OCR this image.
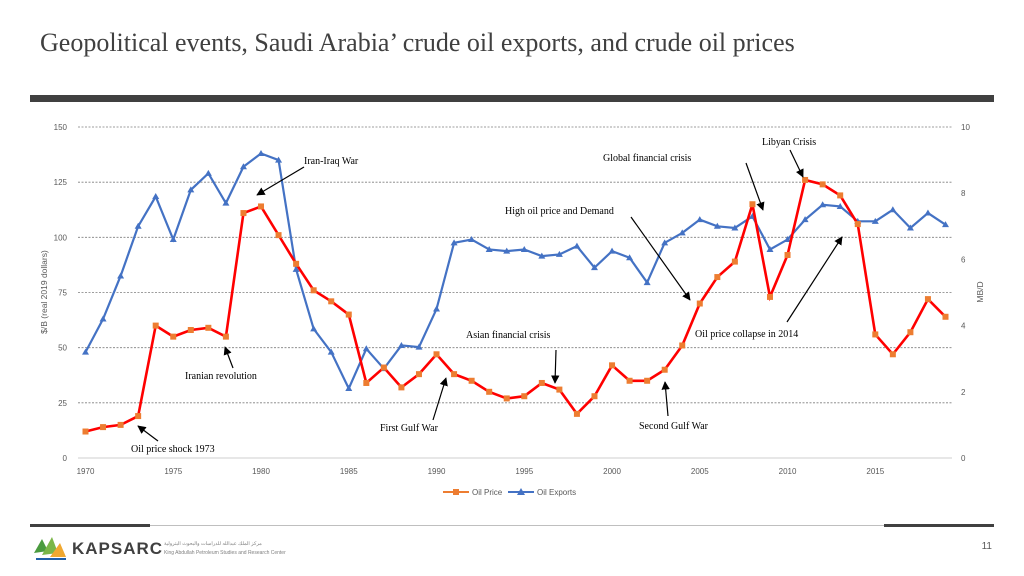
Geopolitical events, Saudi Arabia’ crude oil exports, and crude oil prices
0
25
50
75
100
125
150
0
2
4
6
8
10
1970	1975	1980	1985	1990	1995	2000	2005	2010	2015
$/B (real 2019 dollars)	MB/D
Libyan Crisis
Iran-Iraq War	Global financial crisis
High oil price and Demand
Asian financial crisis	Oil price collapse in 2014
Iranian revolution
First Gulf War	Second Gulf War
Oil price shock 1973
Oil Price	Oil Exports
KAPSARC مركز الملك عبدالله للدراسات والبحوث البترولية
King Abdullah Petroleum Studies and Research Center
11
